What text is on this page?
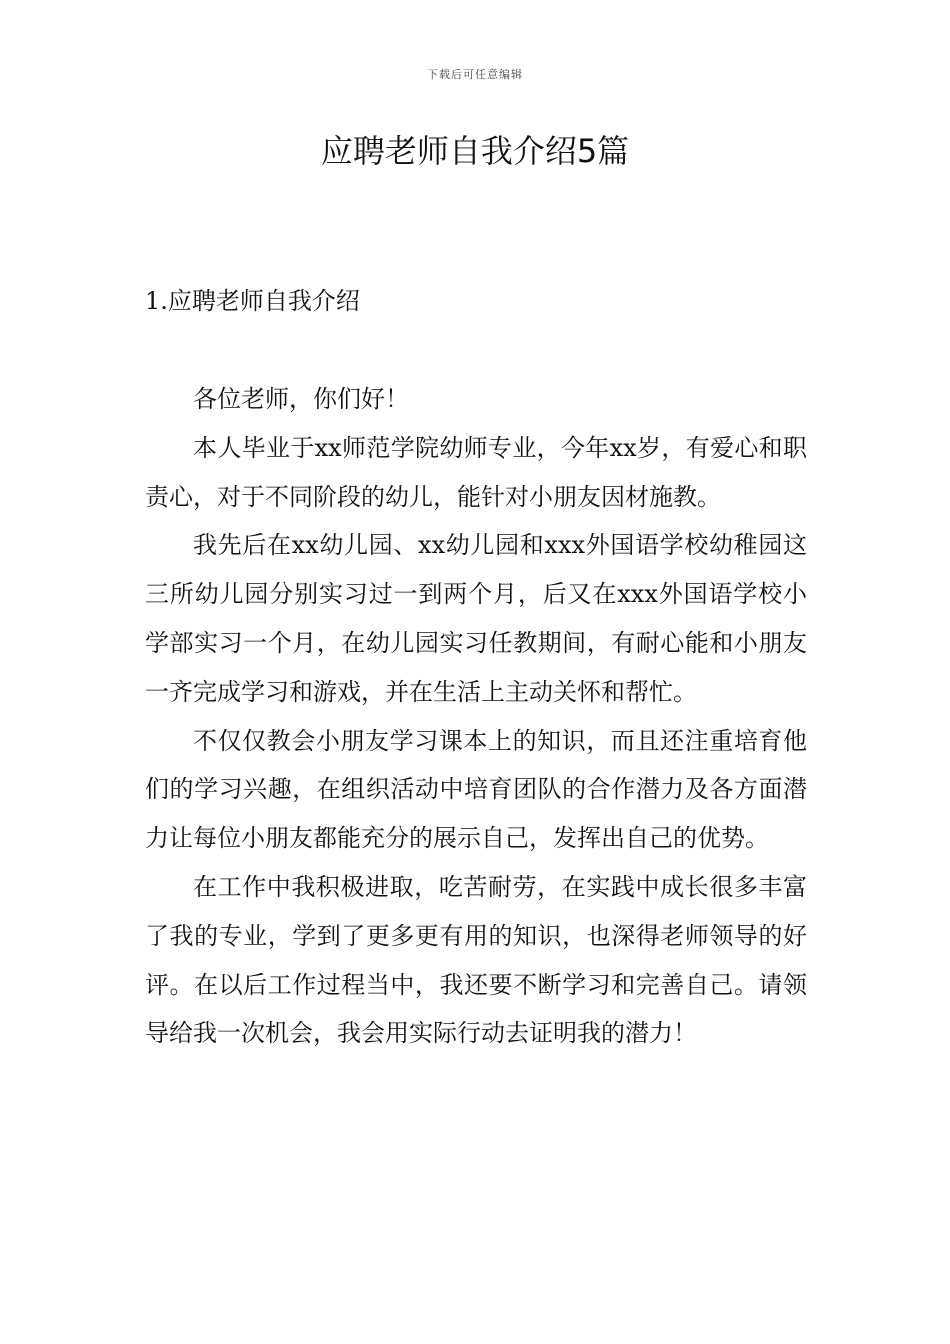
下载后可任意编辑
应聘老师自我介绍5篇
1.应聘老师自我介绍

各位老师，你们好！

本人毕业于xx师范学院幼师专业，今年xx岁，有爱心和职责心，对于不同阶段的幼儿，能针对小朋友因材施教。

我先后在xx幼儿园、xx幼儿园和xxx外国语学校幼稚园这三所幼儿园分别实习过一到两个月，后又在xxx外国语学校小学部实习一个月，在幼儿园实习任教期间，有耐心能和小朋友一齐完成学习和游戏，并在生活上主动关怀和帮忙。

不仅仅教会小朋友学习课本上的知识，而且还注重培育他们的学习兴趣，在组织活动中培育团队的合作潜力及各方面潜力让每位小朋友都能充分的展示自己，发挥出自己的优势。

在工作中我积极进取，吃苦耐劳，在实践中成长很多丰富了我的专业，学到了更多更有用的知识，也深得老师领导的好评。在以后工作过程当中，我还要不断学习和完善自己。请领导给我一次机会，我会用实际行动去证明我的潜力！
